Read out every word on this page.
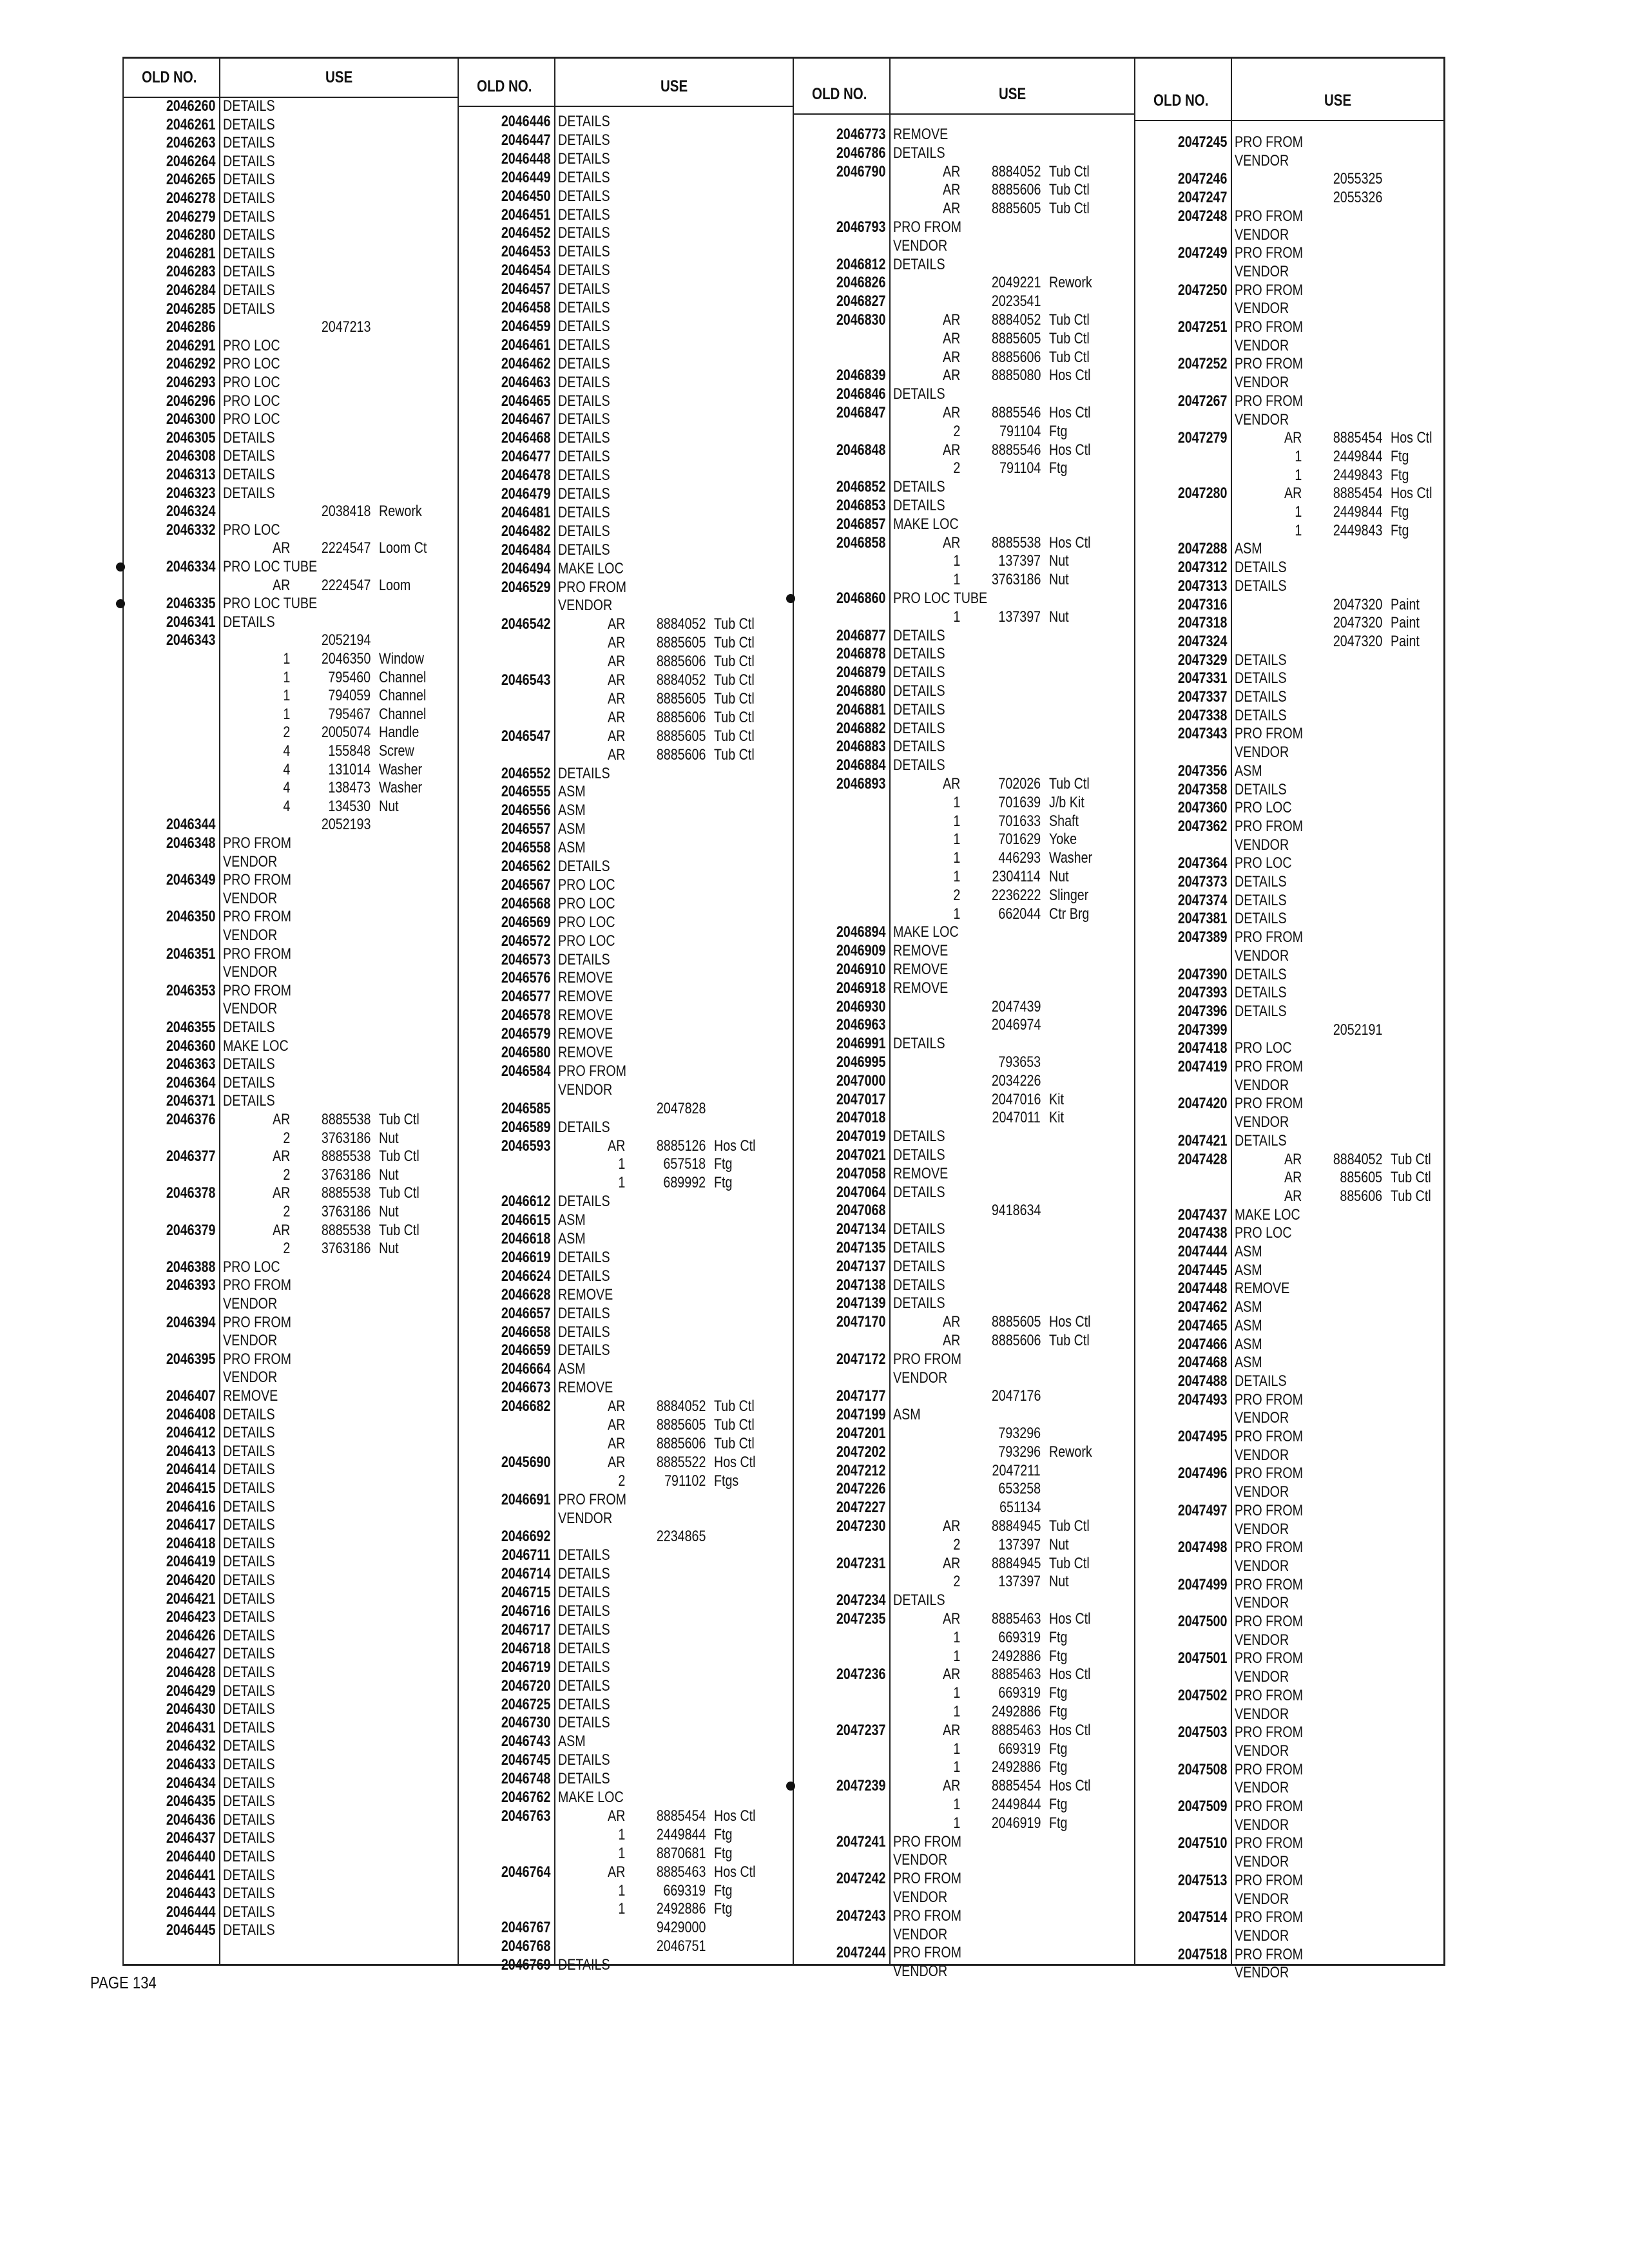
OLD NO.	USE
2046260 DETAILS
2046261 DETAILS
2046263 DETAILS
2046264 DETAILS
2046265 DETAILS
2046278 DETAILS
2046279 DETAILS
2046280 DETAILS
2046281 DETAILS
2046283 DETAILS
2046284 DETAILS
2046285 DETAILS
2046286	2047213
2046291 PRO LOC
2046292 PRO LOC
2046293 PRO LOC
2046296 PRO LOC
2046300 PRO LOC
2046305 DETAILS
2046308 DETAILS
2046313 DETAILS
2046323 DETAILS
2046324	2038418 Rework
2046332 PRO LOC
AR 2224547 Loom Ct
2046334 PRO LOC TUBE
AR 2224547 Loom
2046335 PRO LOC TUBE
2046341 DETAILS
2046343	2052194
1 2046350 Window
1 795460 Channel
1 794059 Channel
1 795467 Channel
2 2005074 Handle
4 155848 Screw
4 131014 Washer
4 138473 Washer
4 134530 Nut
2046344	2052193
2046348 PRO FROM
VENDOR
2046349 PRO FROM
VENDOR
2046350 PRO FROM
VENDOR
2046351 PRO FROM
VENDOR
2046353 PRO FROM
VENDOR
2046355 DETAILS
2046360 MAKE LOC
2046363 DETAILS
2046364 DETAILS
2046371 DETAILS
2046376	AR 8885538 Tub Ctl
2 3763186 Nut
2046377	AR 8885538 Tub Ctl
2 3763186 Nut
2046378	AR 8885538 Tub Ctl
2 3763186 Nut
2046379	AR 8885538 Tub Ctl
2 3763186 Nut
2046388 PRO LOC
2046393 PRO FROM
VENDOR
2046394 PRO FROM
VENDOR
2046395 PRO FROM
VENDOR
2046407 REMOVE
2046408 DETAILS
2046412 DETAILS
2046413 DETAILS
2046414 DETAILS
2046415 DETAILS
2046416 DETAILS
2046417 DETAILS
2046418 DETAILS
2046419 DETAILS
2046420 DETAILS
2046421 DETAILS
2046423 DETAILS
2046426 DETAILS
2046427 DETAILS
2046428 DETAILS
2046429 DETAILS
2046430 DETAILS
2046431 DETAILS
2046432 DETAILS
2046433 DETAILS
2046434 DETAILS
2046435 DETAILS
2046436 DETAILS
2046437 DETAILS
2046440 DETAILS
2046441 DETAILS
2046443 DETAILS
2046444 DETAILS
2046445 DETAILS
OLD NO.	USE
2046446 DETAILS
2046447 DETAILS
2046448 DETAILS
2046449 DETAILS
2046450 DETAILS
2046451 DETAILS
2046452 DETAILS
2046453 DETAILS
2046454 DETAILS
2046457 DETAILS
2046458 DETAILS
2046459 DETAILS
2046461 DETAILS
2046462 DETAILS
2046463 DETAILS
2046465 DETAILS
2046467 DETAILS
2046468 DETAILS
2046477 DETAILS
2046478 DETAILS
2046479 DETAILS
2046481 DETAILS
2046482 DETAILS
2046484 DETAILS
2046494 MAKE LOC
2046529 PRO FROM
VENDOR
2046542	AR 8884052 Tub Ctl
AR 8885605 Tub Ctl
AR 8885606 Tub Ctl
2046543	AR 8884052 Tub Ctl
AR 8885605 Tub Ctl
AR 8885606 Tub Ctl
2046547	AR 8885605 Tub Ctl
AR 8885606 Tub Ctl
2046552 DETAILS
2046555 ASM
2046556 ASM
2046557 ASM
2046558 ASM
2046562 DETAILS
2046567 PRO LOC
2046568 PRO LOC
2046569 PRO LOC
2046572 PRO LOC
2046573 DETAILS
2046576 REMOVE
2046577 REMOVE
2046578 REMOVE
2046579 REMOVE
2046580 REMOVE
2046584 PRO FROM
VENDOR
2046585	2047828
2046589 DETAILS
2046593	AR 8885126 Hos Ctl
1 657518 Ftg
1 689992 Ftg
2046612 DETAILS
2046615 ASM
2046618 ASM
2046619 DETAILS
2046624 DETAILS
2046628 REMOVE
2046657 DETAILS
2046658 DETAILS
2046659 DETAILS
2046664 ASM
2046673 REMOVE
2046682	AR 8884052 Tub Ctl
AR 8885605 Tub Ctl
AR 8885606 Tub Ctl
2045690	AR 8885522 Hos Ctl
2	791102 Ftgs
2046691 PRO FROM
VENDOR
2046692	2234865
2046711 DETAILS
2046714 DETAILS
2046715 DETAILS
2046716 DETAILS
2046717 DETAILS
2046718 DETAILS
2046719 DETAILS
2046720 DETAILS
2046725 DETAILS
2046730 DETAILS
2046743 ASM
2046745 DETAILS
2046748 DETAILS
2046762 MAKE LOC
2046763	AR 8885454 Hos Ctl
1 2449844 Ftg
1 8870681 Ftg
2046764	AR 8885463 Hos Ctl
1 669319 Ftg
1 2492886 Ftg
2046767	9429000
2046768	2046751
2046769 DETAILS
OLD NO.	USE
2046773 REMOVE
2046786 DETAILS
2046790	AR 8884052 Tub Ctl
AR 8885606 Tub Ctl
AR 8885605 Tub Ctl
2046793 PRO FROM
VENDOR
2046812 DETAILS
2046826	2049221 Rework
2046827	2023541
2046830	AR 8884052 Tub Ctl
AR 8885605 Tub Ctl
AR 8885606 Tub Ctl
2046839	AR 8885080 Hos Ctl
2046846 DETAILS
2046847	AR 8885546 Hos Ctl
2	791104 Ftg
2046848	AR 8885546 Hos Ctl
2	791104 Ftg
2046852 DETAILS
2046853 DETAILS
2046857 MAKE LOC
2046858	AR 8885538 Hos Ctl
1 137397 Nut
1 3763186 Nut
2046860 PRO LOC TUBE
1 137397 Nut
2046877 DETAILS
2046878 DETAILS
2046879 DETAILS
2046880 DETAILS
2046881 DETAILS
2046882 DETAILS
2046883 DETAILS
2046884 DETAILS
2046893	AR 702026 Tub Ctl
1 701639 J/b Kit
1 701633 Shaft
1 701629 Yoke
1 446293 Washer
1 2304114 Nut
2 2236222 Slinger
1 662044 Ctr Brg
2046894 MAKE LOC
2046909 REMOVE
2046910 REMOVE
2046918 REMOVE
2046930	2047439
2046963	2046974
2046991 DETAILS
2046995	793653
2047000	2034226
2047017	2047016 Kit
2047018	2047011 Kit
2047019 DETAILS
2047021 DETAILS
2047058 REMOVE
2047064 DETAILS
2047068	9418634
2047134 DETAILS
2047135 DETAILS
2047137 DETAILS
2047138 DETAILS
2047139 DETAILS
2047170	AR 8885605 Hos Ctl
AR 8885606 Tub Ctl
2047172 PRO FROM
VENDOR
2047177	2047176
2047199 ASM
2047201	793296
2047202	793296 Rework
2047212	2047211
2047226	653258
2047227	651134
2047230	AR 8884945 Tub Ctl
2 137397 Nut
2047231	AR 8884945 Tub Ctl
2 137397 Nut
2047234 DETAILS
2047235	AR 8885463 Hos Ctl
1 669319 Ftg
1 2492886 Ftg
2047236	AR 8885463 Hos Ctl
1 669319 Ftg
1 2492886 Ftg
2047237	AR 8885463 Hos Ctl
1 669319 Ftg
1 2492886 Ftg
2047239	AR 8885454 Hos Ctl
1 2449844 Ftg
1 2046919 Ftg
2047241 PRO FROM
VENDOR
2047242 PRO FROM
VENDOR
2047243 PRO FROM
VENDOR
2047244 PRO FROM
VENDOR
OLD NO.	USE
2047245 PRO FROM
VENDOR
2047246	2055325
2047247	2055326
2047248 PRO FROM
VENDOR
2047249 PRO FROM
VENDOR
2047250 PRO FROM
VENDOR
2047251 PRO FROM
VENDOR
2047252 PRO FROM
VENDOR
2047267 PRO FROM
VENDOR
2047279	AR 8885454 Hos Ctl
1 2449844 Ftg
1 2449843 Ftg
2047280	AR 8885454 Hos Ctl
1 2449844 Ftg
1 2449843 Ftg
2047288 ASM
2047312 DETAILS
2047313 DETAILS
2047316	2047320 Paint
2047318	2047320 Paint
2047324	2047320 Paint
2047329 DETAILS
2047331 DETAILS
2047337 DETAILS
2047338 DETAILS
2047343 PRO FROM
VENDOR
2047356 ASM
2047358 DETAILS
2047360 PRO LOC
2047362 PRO FROM
VENDOR
2047364 PRO LOC
2047373 DETAILS
2047374 DETAILS
2047381 DETAILS
2047389 PRO FROM
VENDOR
2047390 DETAILS
2047393 DETAILS
2047396 DETAILS
2047399	2052191
2047418 PRO LOC
2047419 PRO FROM
VENDOR
2047420 PRO FROM
VENDOR
2047421 DETAILS
2047428	AR 8884052 Tub Ctl
AR 885605 Tub Ctl
AR 885606 Tub Ctl
2047437 MAKE LOC
2047438 PRO LOC
2047444 ASM
2047445 ASM
2047448 REMOVE
2047462 ASM
2047465 ASM
2047466 ASM
2047468 ASM
2047488 DETAILS
2047493 PRO FROM
VENDOR
2047495 PRO FROM
VENDOR
2047496 PRO FROM
VENDOR
2047497 PRO FROM
VENDOR
2047498 PRO FROM
VENDOR
2047499 PRO FROM
VENDOR
2047500 PRO FROM
VENDOR
2047501 PRO FROM
VENDOR
2047502 PRO FROM
VENDOR
2047503 PRO FROM
VENDOR
2047508 PRO FROM
VENDOR
2047509 PRO FROM
VENDOR
2047510 PRO FROM
VENDOR
2047513 PRO FROM
VENDOR
2047514 PRO FROM
VENDOR
2047518 PRO FROM
VENDOR
PAGE 134
